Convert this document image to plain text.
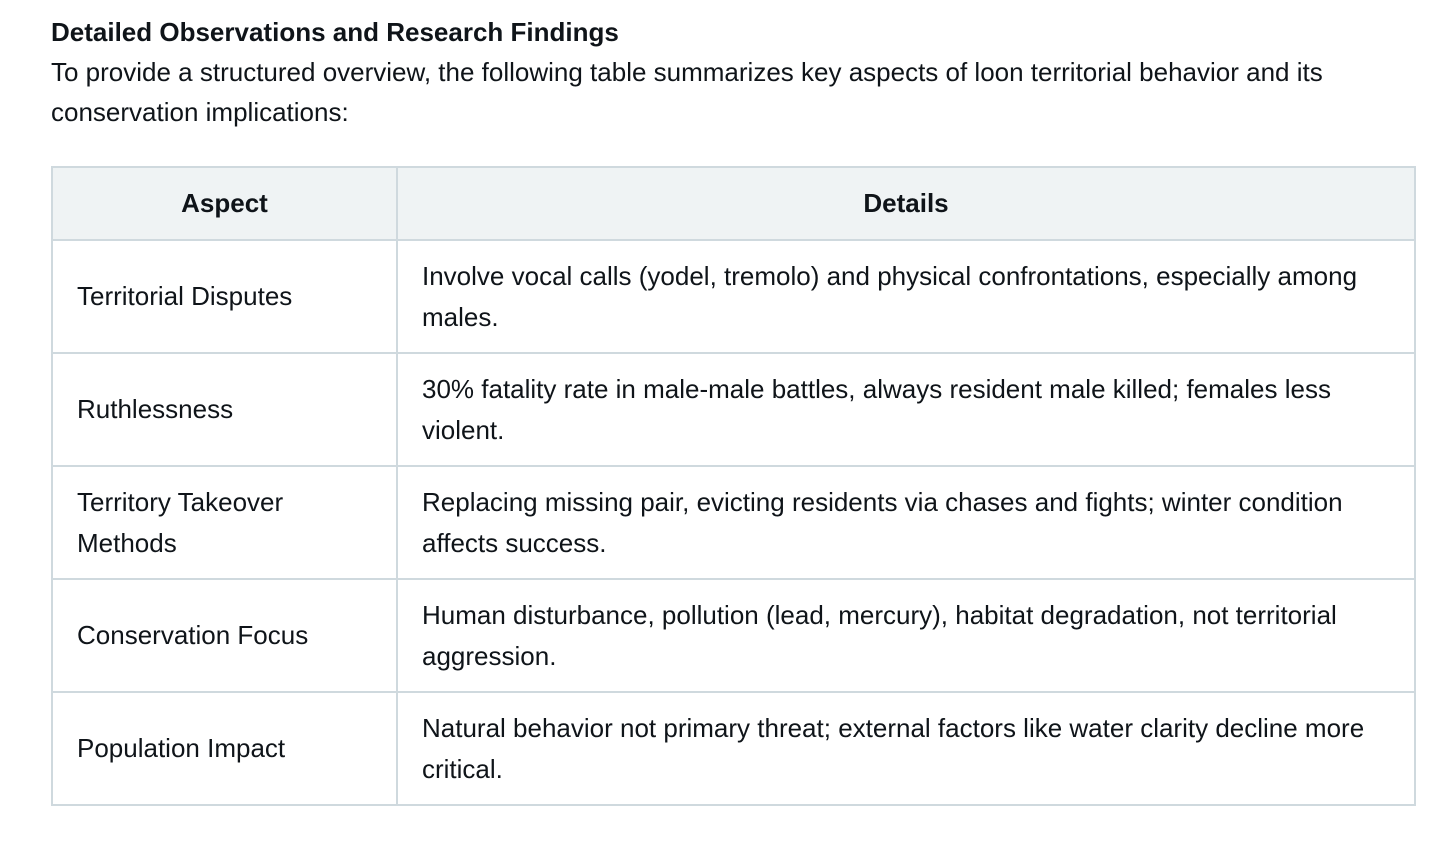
Detailed Observations and Research Findings

To provide a structured overview, the following table summarizes key aspects of loon territorial behavior and its conservation implications:

Aspect	Details
Territorial Disputes	Involve vocal calls (yodel, tremolo) and physical confrontations, especially among males.
Ruthlessness	30% fatality rate in male-male battles, always resident male killed; females less violent.
Territory Takeover Methods	Replacing missing pair, evicting residents via chases and fights; winter condition affects success.
Conservation Focus	Human disturbance, pollution (lead, mercury), habitat degradation, not territorial aggression.
Population Impact	Natural behavior not primary threat; external factors like water clarity decline more critical.
